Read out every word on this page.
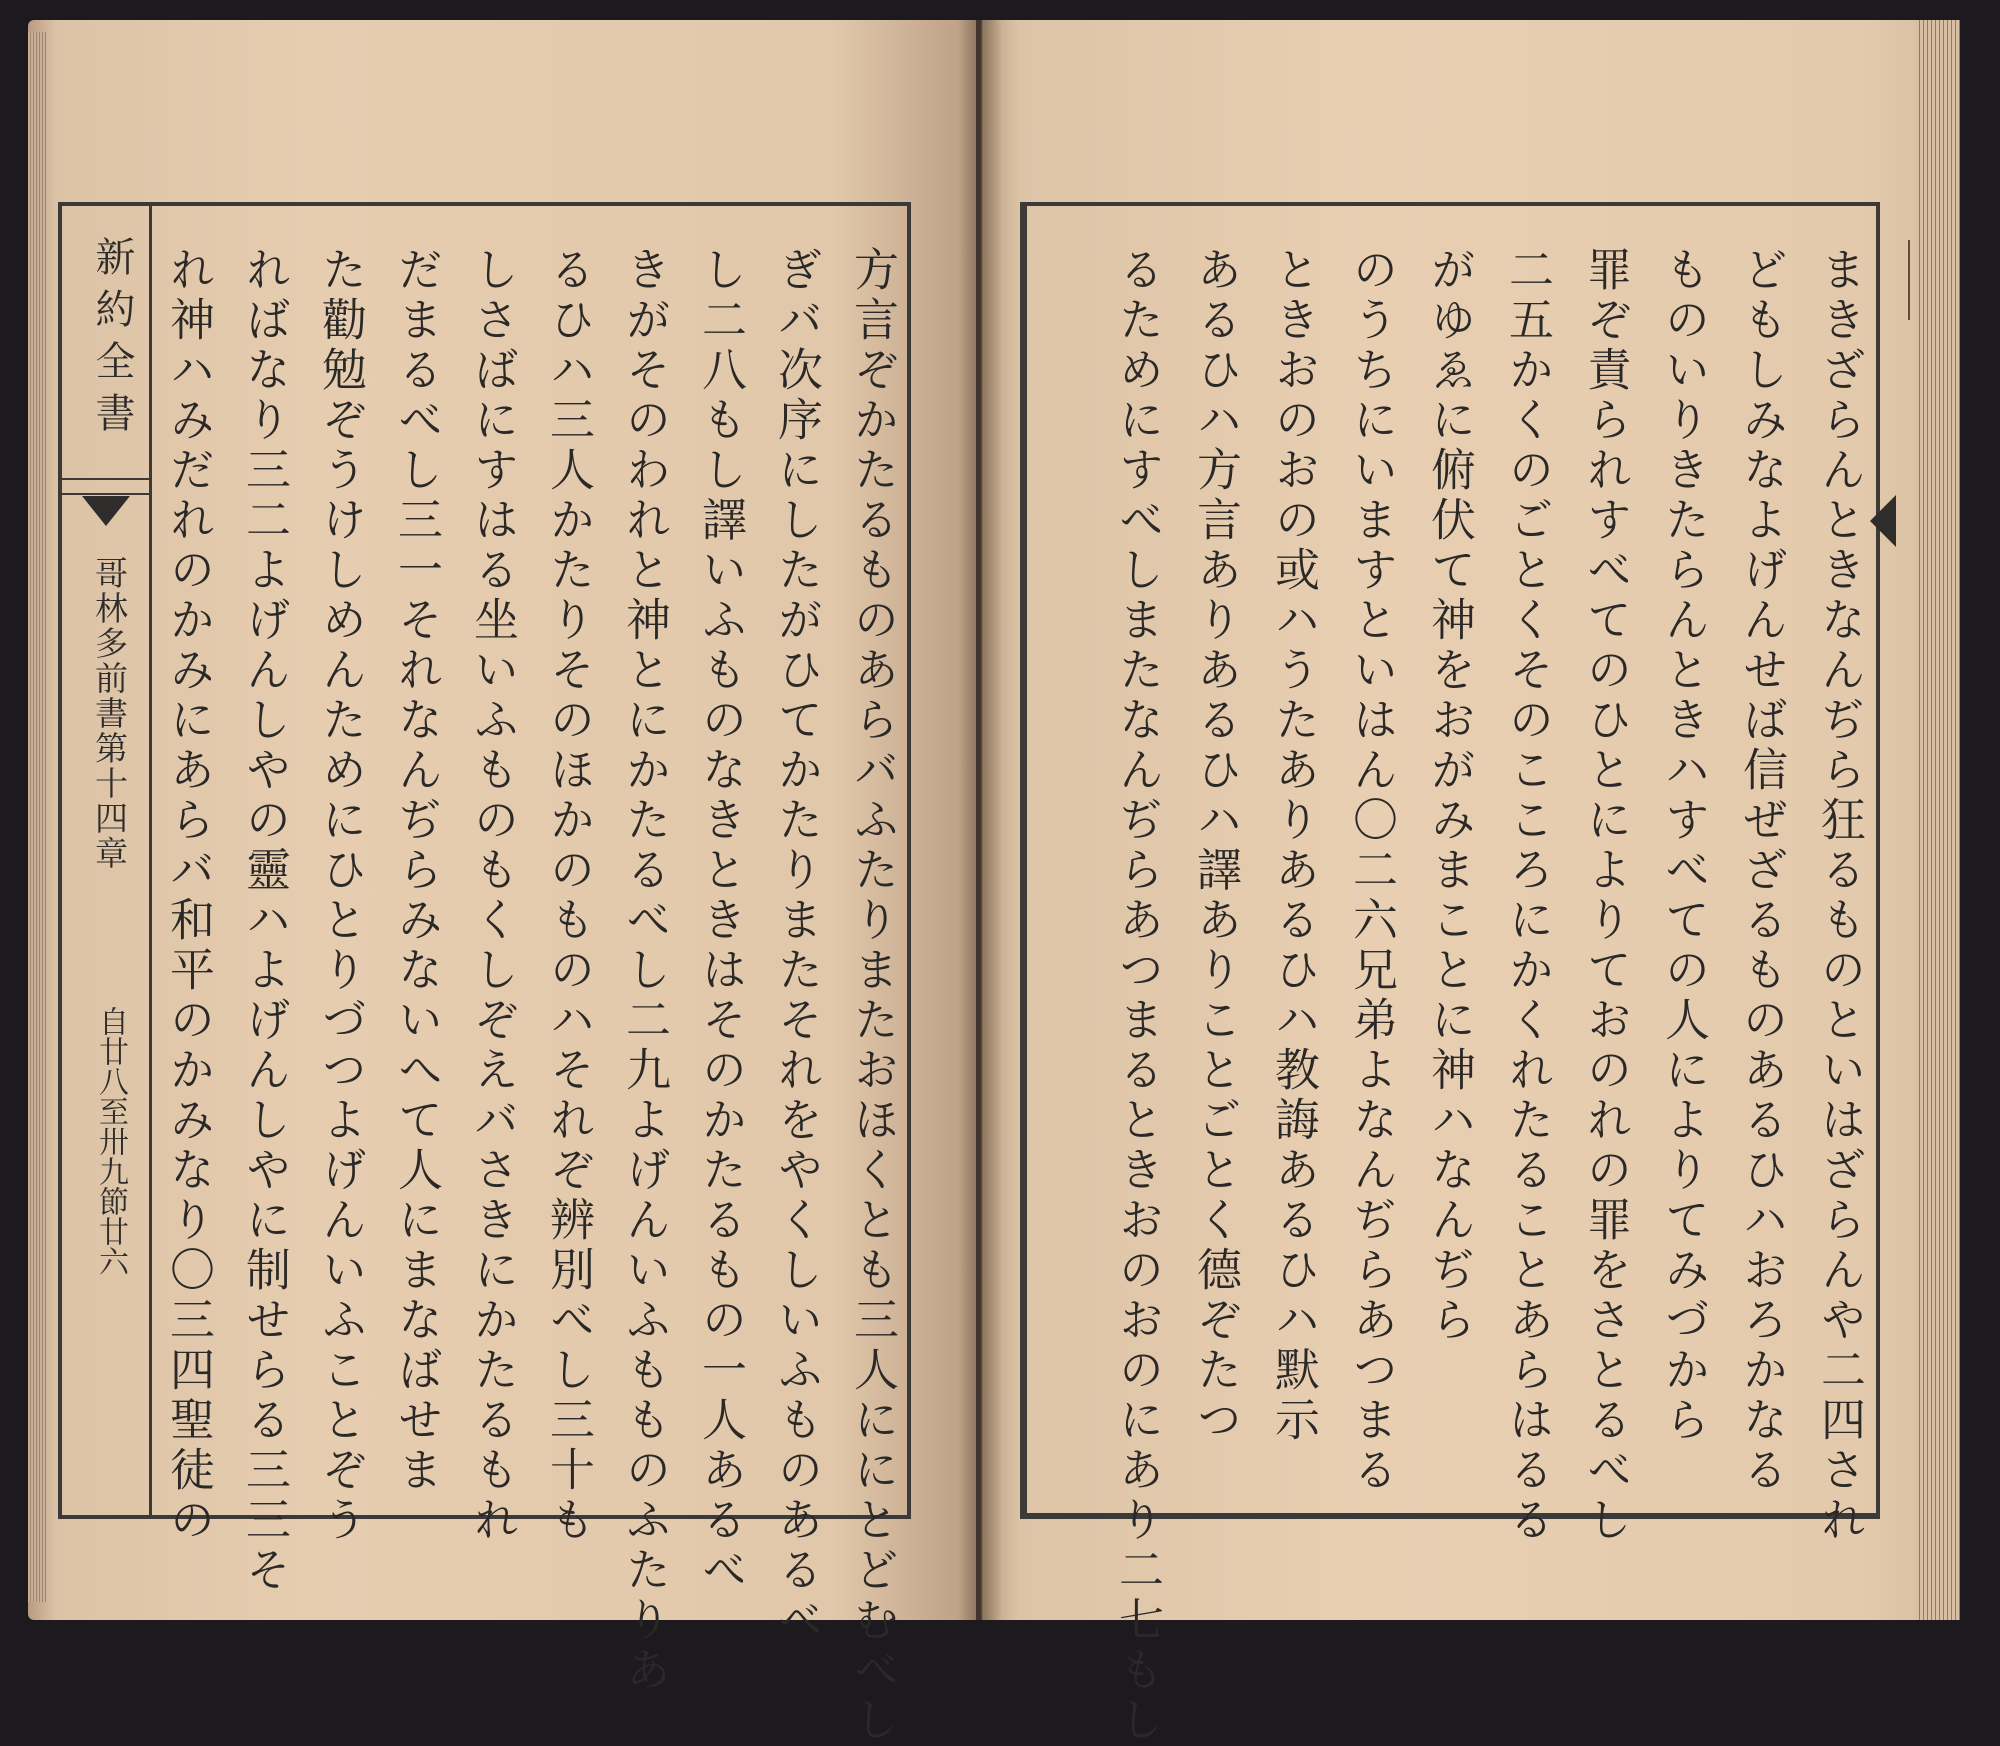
新約全書
哥林多前書第十四章
自廿八至卅九節廿六	方言ぞかたるものあらバふたりまたおほくとも三人ににとどむべし
ぎバ次序にしたがひてかたりまたそれをやくしいふものあるべ
し二八もし譯いふものなきときはそのかたるもの一人あるべ
きがそのわれと神とにかたるべし二九よげんいふもものふたりあ
るひハ三人かたりそのほかのものハそれぞ辨別べし三十も
しさばにすはる坐いふものもくしぞえバさきにかたるもれ
だまるべし三一それなんぢらみないへて人にまなばせま
た勸勉ぞうけしめんためにひとりづつよげんいふことぞう
ればなり三二よげんしやの靈ハよげんしやに制せらる三三そ
れ神ハみだれのかみにあらバ和平のかみなり〇三四聖徒の	まきざらんときなんぢら狂るものといはざらんや二四され
どもしみなよげんせば信ぜざるものあるひハおろかなる
ものいりきたらんときハすべての人によりてみづから
罪ぞ責られすべてのひとによりておのれの罪をさとるべし
二五かくのごとくそのこころにかくれたることあらはるる
がゆゑに俯伏て神をおがみまことに神ハなんぢら
のうちにいますといはん〇二六兄弟よなんぢらあつまる
ときおのおの或ハうたありあるひハ教誨あるひハ默示
あるひハ方言ありあるひハ譯ありことごとく德ぞたつ
るためにすべしまたなんぢらあつまるときおのおのにあり二七もし
